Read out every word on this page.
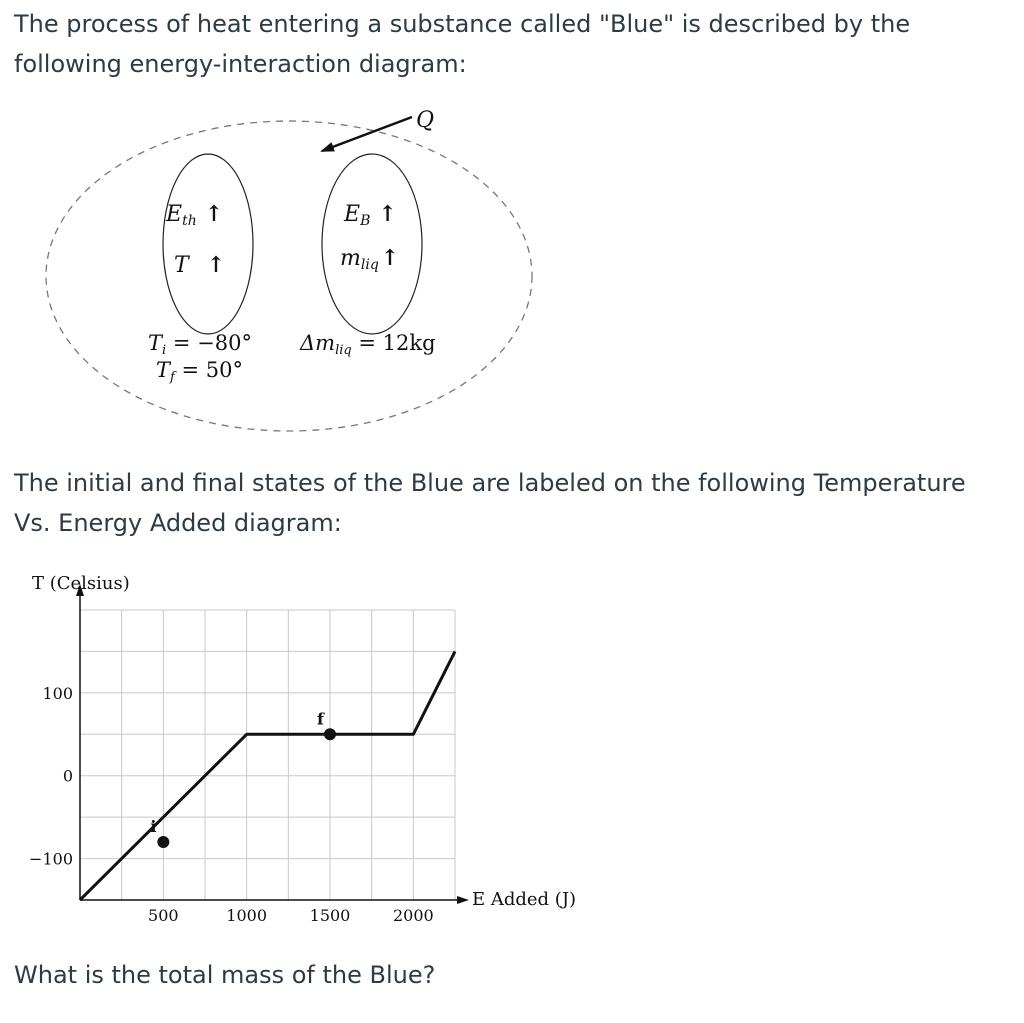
The process of heat entering a substance called "Blue" is described by the following energy-interaction diagram:

Q
Eth ↑
T ↑
Ti = −80°
Tf = 50°
EB ↑
mliq↑
Δmliq = 12kg

The initial and final states of the Blue are labeled on the following Temperature Vs. Energy Added diagram:

i
f
500	1000	1500	2000
100
0
−100
T (Celsius)
E Added (J)

What is the total mass of the Blue?
